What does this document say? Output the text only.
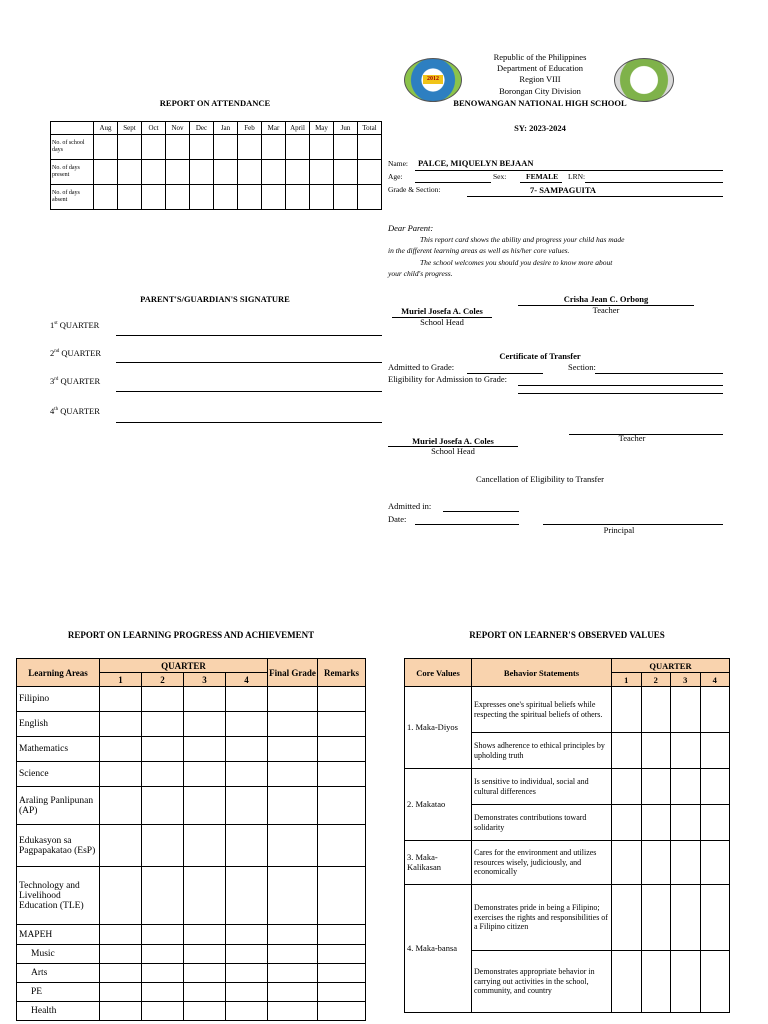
2012
Republic of the Philippines
Department of Education
Region VIII
Borongan City Division
BENOWANGAN NATIONAL HIGH SCHOOL
SY: 2023-2024
REPORT ON ATTENDANCE
	Aug	Sept	Oct	Nov	Dec	Jan	Feb	Mar	April	May	Jun	Total
No. of school days												
No. of days present												
No. of days absent												
Name: PALCE, MIQUELYN BEJAAN
Age:	Sex:	FEMALE LRN:
Grade & Section:	7- SAMPAGUITA
Dear Parent:
This report card shows the ability and progress your child has made
in the different learning areas as well as his/her core values.
The school welcomes you should you desire to know more about
your child's progress.
Crisha Jean C. Orbong
Teacher
Muriel Josefa A. Coles
School Head
Certificate of Transfer
Admitted to Grade:	Section:
Eligibility for Admission to Grade:
Teacher
Muriel Josefa A. Coles
School Head
Cancellation of Eligibility to Transfer
Admitted in:
Date:
Principal
PARENT'S/GUARDIAN'S SIGNATURE
1st QUARTER
2nd QUARTER
3rd QUARTER
4th QUARTER
REPORT ON LEARNING PROGRESS AND ACHIEVEMENT
Learning Areas	QUARTER				Final Grade	Remarks
	1	2	3	4		
Filipino						
English						
Mathematics						
Science						
Araling Panlipunan (AP)						
Edukasyon sa Pagpapakatao (EsP)						
Technology and Livelihood Education (TLE)						
MAPEH						
Music						
Arts						
PE						
Health						
REPORT ON LEARNER'S OBSERVED VALUES
Core Values	Behavior Statements	QUARTER			
		1	2	3	4
1. Maka-Diyos	Expresses one's spiritual beliefs while respecting the spiritual beliefs of others.				
	Shows adherence to ethical principles by upholding truth				
2. Makatao	Is sensitive to individual, social and cultural differences				
	Demonstrates contributions toward solidarity				
3. Maka-Kalikasan	Cares for the environment and utilizes resources wisely, judiciously, and economically				
4. Maka-bansa	Demonstrates pride in being a Filipino; exercises the rights and responsibilities of a Filipino citizen				
	Demonstrates appropriate behavior in carrying out activities in the school, community, and country				
